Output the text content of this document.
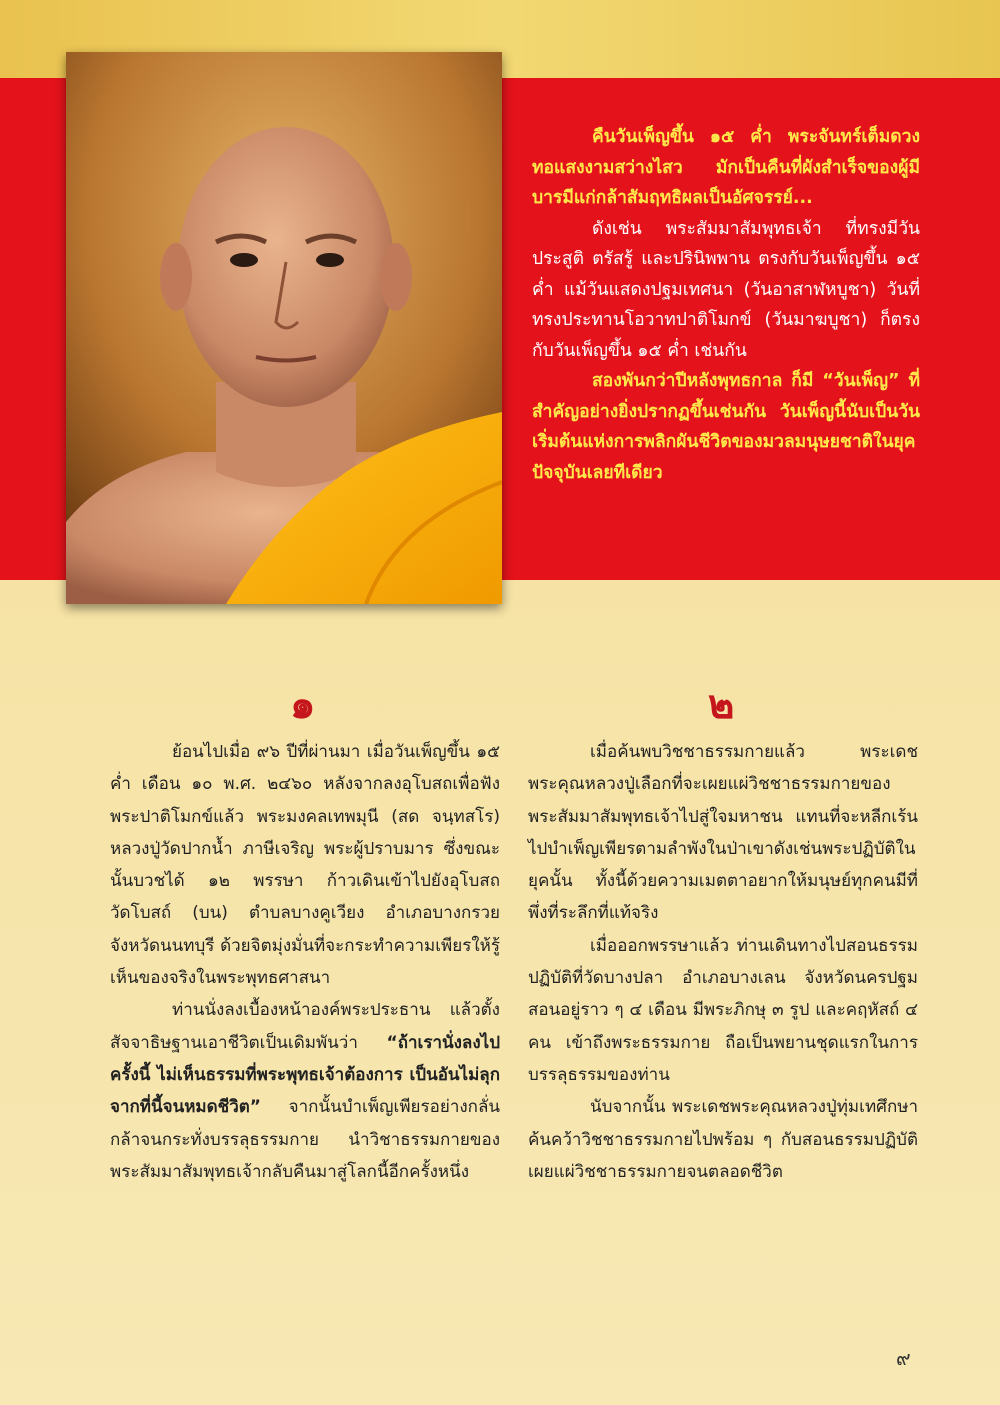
คืนวันเพ็ญขึ้น ๑๕ ค่ำ พระจันทร์เต็มดวง ทอแสงงามสว่างไสว มักเป็นคืนที่ผังสำเร็จของผู้มีบารมีแก่กล้าสัมฤทธิผลเป็นอัศจรรย์...

ดังเช่น พระสัมมาสัมพุทธเจ้า ที่ทรงมีวันประสูติ ตรัสรู้ และปรินิพพาน ตรงกับวันเพ็ญขึ้น ๑๕ ค่ำ แม้วันแสดงปฐมเทศนา (วันอาสาฬหบูชา) วันที่ทรงประทานโอวาทปาติโมกข์ (วันมาฆบูชา) ก็ตรงกับวันเพ็ญขึ้น ๑๕ ค่ำ เช่นกัน

สองพันกว่าปีหลังพุทธกาล ก็มี “วันเพ็ญ” ที่สำคัญอย่างยิ่งปรากฏขึ้นเช่นกัน วันเพ็ญนี้นับเป็นวันเริ่มต้นแห่งการพลิกผันชีวิตของมวลมนุษยชาติในยุคปัจจุบันเลยทีเดียว

๑	๒

ย้อนไปเมื่อ ๙๖ ปีที่ผ่านมา เมื่อวันเพ็ญขึ้น ๑๕ ค่ำ เดือน ๑๐ พ.ศ. ๒๔๖๐ หลังจากลงอุโบสถเพื่อฟังพระปาติโมกข์แล้ว พระมงคลเทพมุนี (สด จนฺทสโร) หลวงปู่วัดปากน้ำ ภาษีเจริญ พระผู้ปราบมาร ซึ่งขณะนั้นบวชได้ ๑๒ พรรษา ก้าวเดินเข้าไปยังอุโบสถวัดโบสถ์ (บน) ตำบลบางคูเวียง อำเภอบางกรวย จังหวัดนนทบุรี ด้วยจิตมุ่งมั่นที่จะกระทำความเพียรให้รู้เห็นของจริงในพระพุทธศาสนา

ท่านนั่งลงเบื้องหน้าองค์พระประธาน แล้วตั้งสัจจาธิษฐานเอาชีวิตเป็นเดิมพันว่า “ถ้าเรานั่งลงไปครั้งนี้ ไม่เห็นธรรมที่พระพุทธเจ้าต้องการ เป็นอันไม่ลุกจากที่นี้จนหมดชีวิต” จากนั้นบำเพ็ญเพียรอย่างกลั่นกล้าจนกระทั่งบรรลุธรรมกาย นำวิชาธรรมกายของพระสัมมาสัมพุทธเจ้ากลับคืนมาสู่โลกนี้อีกครั้งหนึ่ง

เมื่อค้นพบวิชชาธรรมกายแล้ว พระเดชพระคุณหลวงปู่เลือกที่จะเผยแผ่วิชชาธรรมกายของพระสัมมาสัมพุทธเจ้าไปสู่ใจมหาชน แทนที่จะหลีกเร้นไปบำเพ็ญเพียรตามลำพังในป่าเขาดังเช่นพระปฏิบัติในยุคนั้น ทั้งนี้ด้วยความเมตตาอยากให้มนุษย์ทุกคนมีที่พึ่งที่ระลึกที่แท้จริง

เมื่อออกพรรษาแล้ว ท่านเดินทางไปสอนธรรมปฏิบัติที่วัดบางปลา อำเภอบางเลน จังหวัดนครปฐม สอนอยู่ราว ๆ ๔ เดือน มีพระภิกษุ ๓ รูป และคฤหัสถ์ ๔ คน เข้าถึงพระธรรมกาย ถือเป็นพยานชุดแรกในการบรรลุธรรมของท่าน

นับจากนั้น พระเดชพระคุณหลวงปู่ทุ่มเทศึกษาค้นคว้าวิชชาธรรมกายไปพร้อม ๆ กับสอนธรรมปฏิบัติเผยแผ่วิชชาธรรมกายจนตลอดชีวิต

๙
